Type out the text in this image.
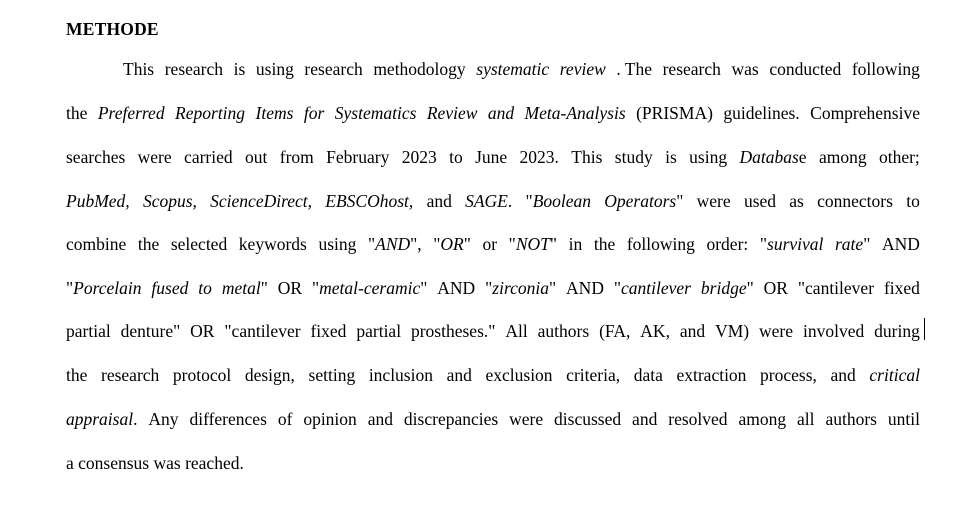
METHODE
This research is using research methodology systematic review . The research was conducted following
the Preferred Reporting Items for Systematics Review and Meta-Analysis (PRISMA) guidelines. Comprehensive
searches were carried out from February 2023 to June 2023. This study is using Database among other;
PubMed, Scopus, ScienceDirect, EBSCOhost, and SAGE. "Boolean Operators" were used as connectors to
combine the selected keywords using "AND", "OR" or "NOT" in the following order: "survival rate" AND
"Porcelain fused to metal" OR "metal-ceramic" AND "zirconia" AND "cantilever bridge" OR "cantilever fixed
partial denture" OR "cantilever fixed partial prostheses." All authors (FA, AK, and VM) were involved during
the research protocol design, setting inclusion and exclusion criteria, data extraction process, and critical
appraisal. Any differences of opinion and discrepancies were discussed and resolved among all authors until
a consensus was reached.
